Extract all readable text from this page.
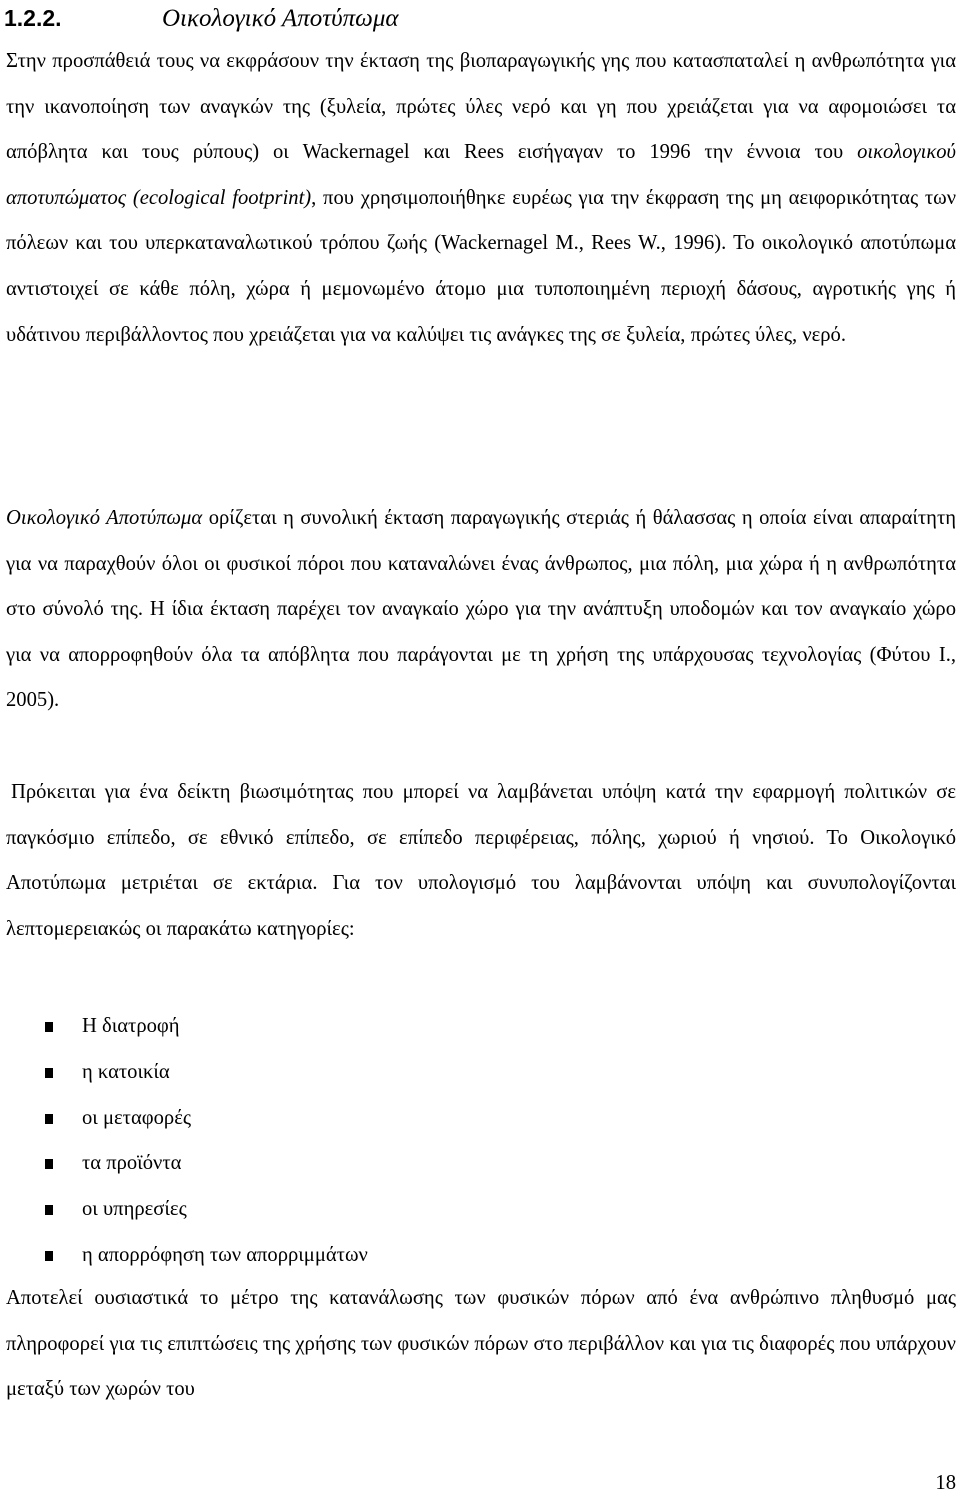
1.2.2.	Οικολογικό Αποτύπωμα

Στην προσπάθειά τους να εκφράσουν την έκταση της βιοπαραγωγικής γης που κατασπαταλεί η ανθρωπότητα για την ικανοποίηση των αναγκών της (ξυλεία, πρώτες ύλες νερό και γη που χρειάζεται για να αφομοιώσει τα απόβλητα και τους ρύπους) οι Wackernagel και Rees εισήγαγαν το 1996 την έννοια του οικολογικού αποτυπώματος (ecological footprint), που χρησιμοποιήθηκε ευρέως για την έκφραση της μη αειφορικότητας των πόλεων και του υπερκαταναλωτικού τρόπου ζωής (Wackernagel M., Rees W., 1996). Το οικολογικό αποτύπωμα αντιστοιχεί σε κάθε πόλη, χώρα ή μεμονωμένο άτομο μια τυποποιημένη περιοχή δάσους, αγροτικής γης ή υδάτινου περιβάλλοντος που χρειάζεται για να καλύψει τις ανάγκες της σε ξυλεία, πρώτες ύλες, νερό.

Οικολογικό Αποτύπωμα ορίζεται η συνολική έκταση παραγωγικής στεριάς ή θάλασσας η οποία είναι απαραίτητη για να παραχθούν όλοι οι φυσικοί πόροι που καταναλώνει ένας άνθρωπος, μια πόλη, μια χώρα ή η ανθρωπότητα στο σύνολό της. Η ίδια έκταση παρέχει τον αναγκαίο χώρο για την ανάπτυξη υποδομών και τον αναγκαίο χώρο για να απορροφηθούν όλα τα απόβλητα που παράγονται με τη χρήση της υπάρχουσας τεχνολογίας (Φύτου Ι., 2005).

Πρόκειται για ένα δείκτη βιωσιμότητας που μπορεί να λαμβάνεται υπόψη κατά την εφαρμογή πολιτικών σε παγκόσμιο επίπεδο, σε εθνικό επίπεδο, σε επίπεδο περιφέρειας, πόλης, χωριού ή νησιού. Το Οικολογικό Αποτύπωμα μετριέται σε εκτάρια. Για τον υπολογισμό του λαμβάνονται υπόψη και συνυπολογίζονται λεπτομερειακώς οι παρακάτω κατηγορίες:

Η διατροφή
η κατοικία
οι μεταφορές
τα προϊόντα
οι υπηρεσίες
η απορρόφηση των απορριμμάτων

Αποτελεί ουσιαστικά το μέτρο της κατανάλωσης των φυσικών πόρων από ένα ανθρώπινο πληθυσμό μας πληροφορεί για τις επιπτώσεις της χρήσης των φυσικών πόρων στο περιβάλλον και για τις διαφορές που υπάρχουν μεταξύ των χωρών του

18
